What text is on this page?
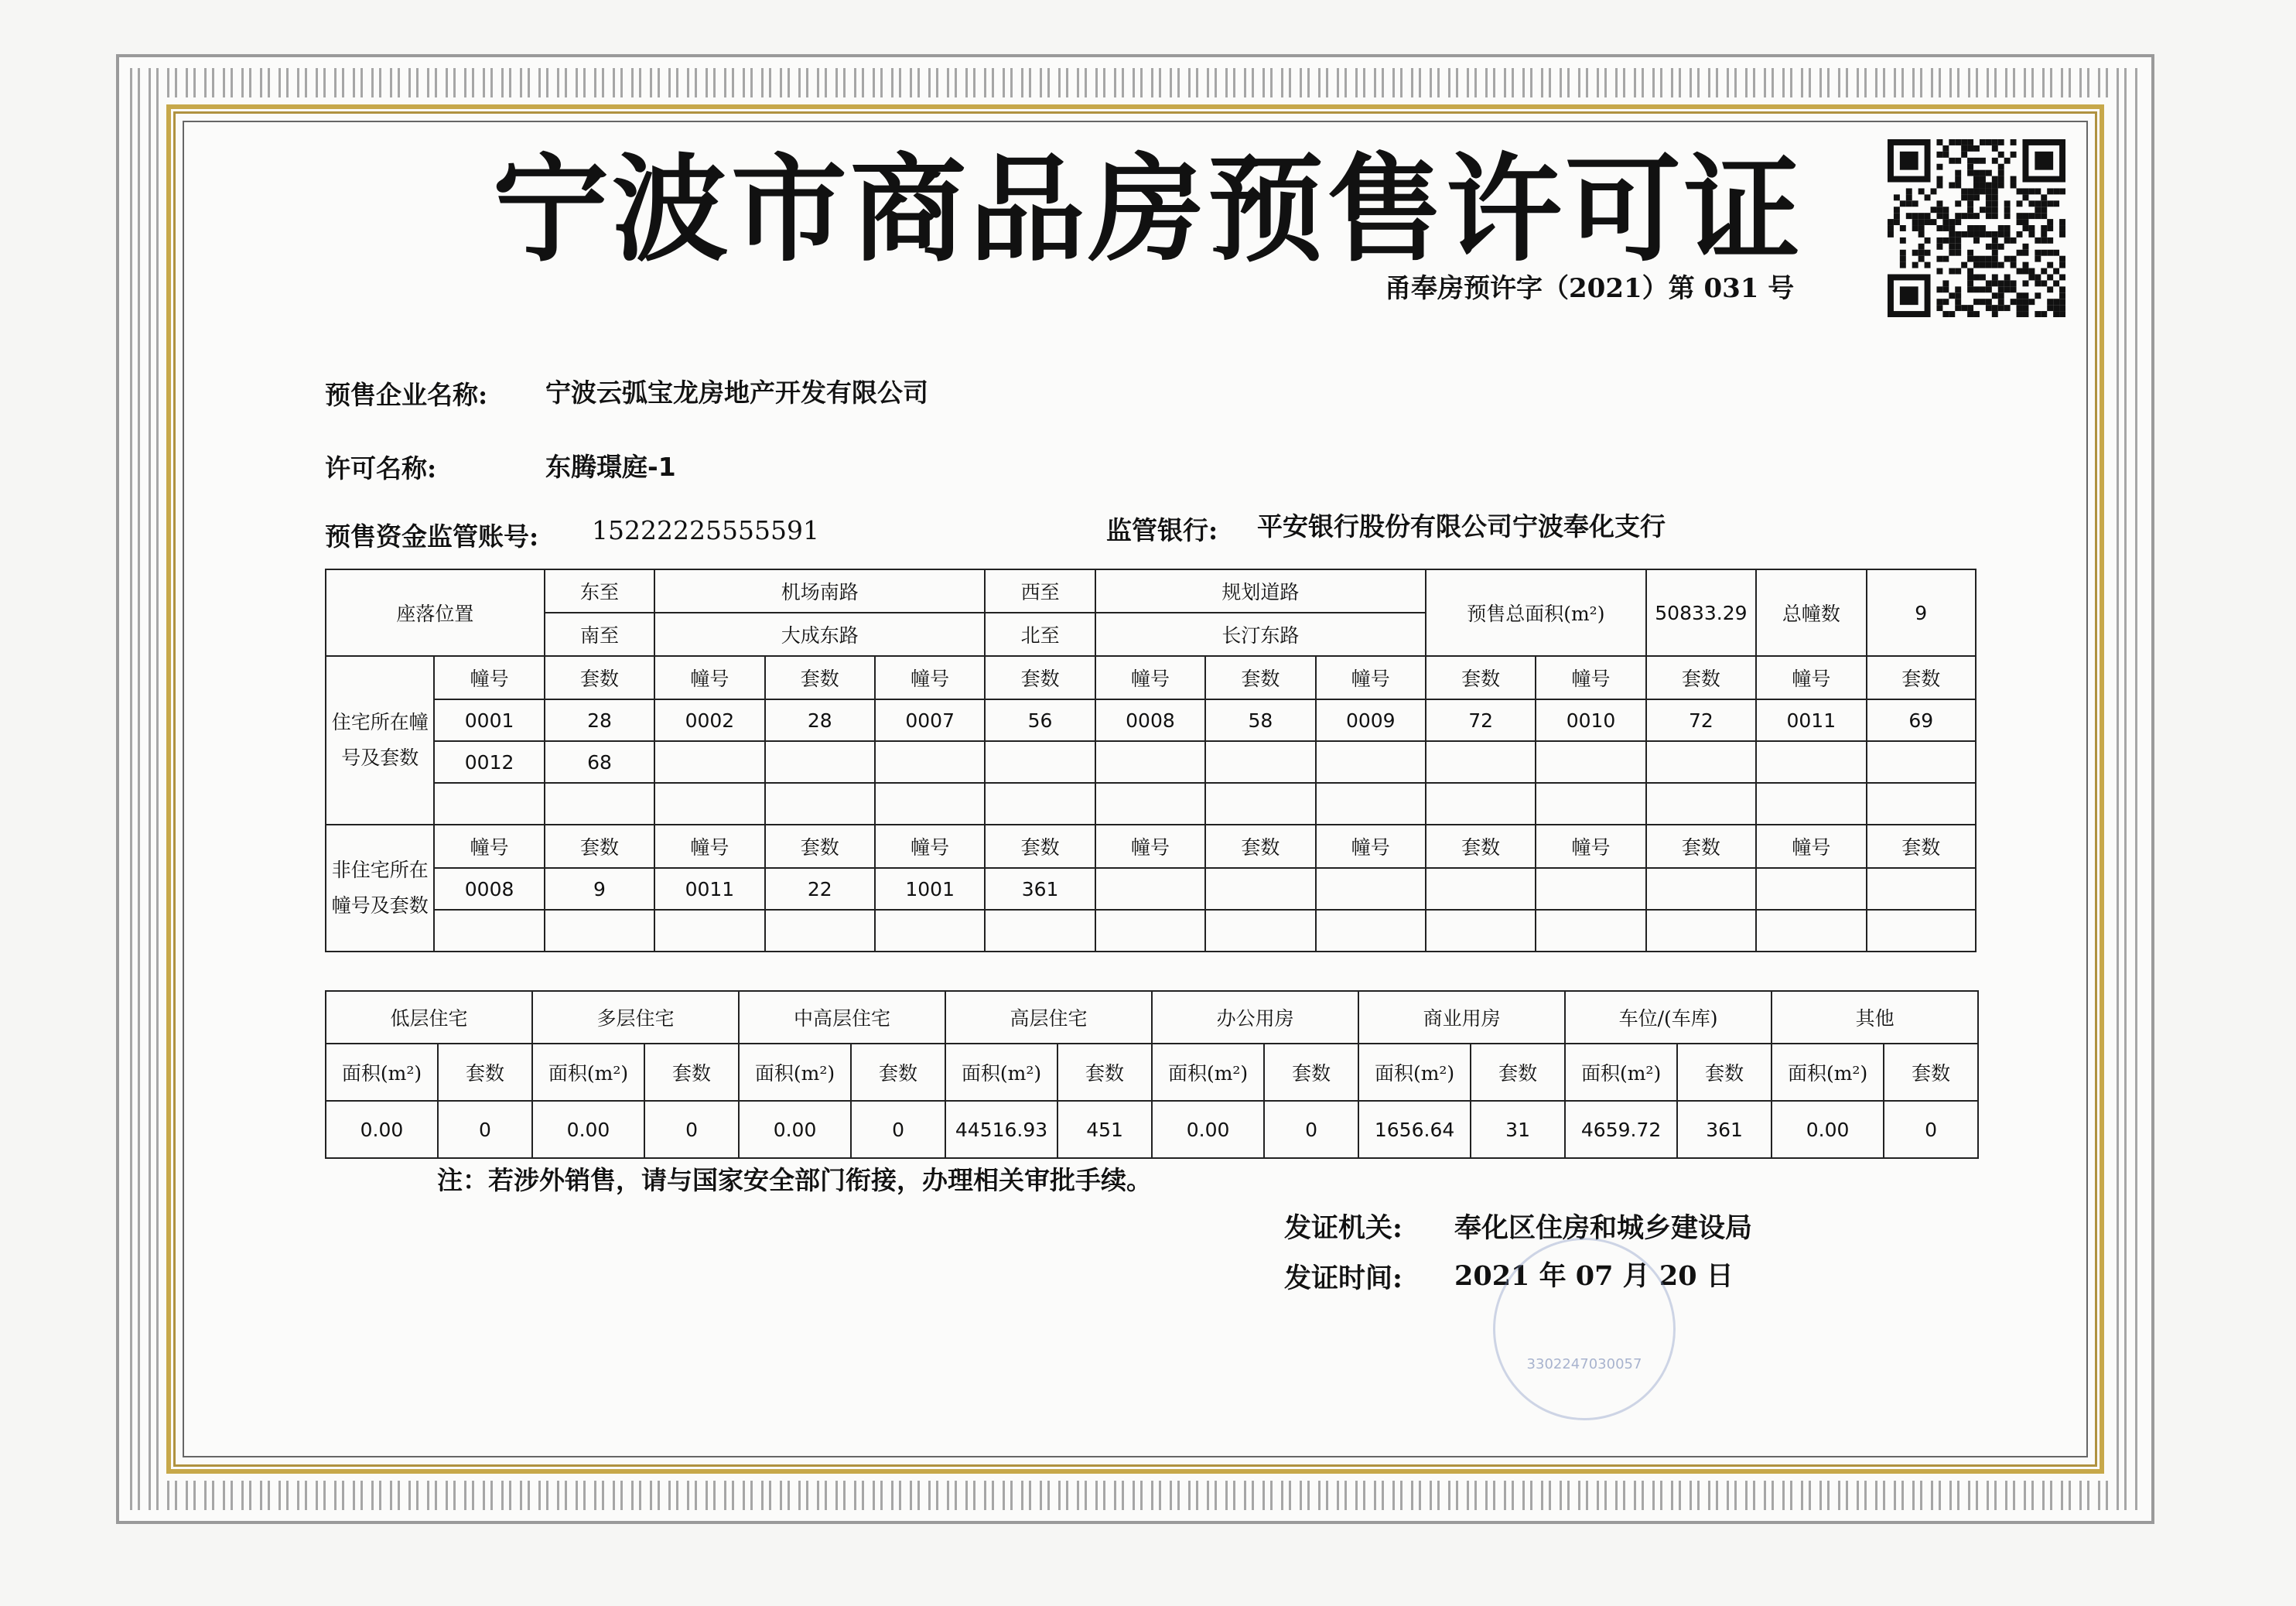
宁波市商品房预售许可证
甬奉房预许字（2021）第 031 号
预售企业名称: 宁波云弧宝龙房地产开发有限公司
许可名称:	东腾璟庭-1
预售资金监管账号: 15222225555591	监管银行: 平安银行股份有限公司宁波奉化支行
座落位置		东至	机场南路			西至	规划道路			预售总面积(m²)		50833.29	总幢数	9
		南至	大成东路			北至	长汀东路							
住宅所在幢号及套数	幢号	套数	幢号	套数	幢号	套数	幢号	套数	幢号	套数	幢号	套数	幢号	套数
	0001	28	0002	28	0007	56	0008	58	0009	72	0010	72	0011	69
	0012	68												

非住宅所在幢号及套数	幢号	套数	幢号	套数	幢号	套数	幢号	套数	幢号	套数	幢号	套数	幢号	套数
	0008	9	0011	22	1001	361								

低层住宅		多层住宅		中高层住宅		高层住宅		办公用房		商业用房		车位/(车库)		其他	
面积(m²)	套数	面积(m²)	套数	面积(m²)	套数	面积(m²)	套数	面积(m²)	套数	面积(m²)	套数	面积(m²)	套数	面积(m²)	套数
0.00	0	0.00	0	0.00	0	44516.93	451	0.00	0	1656.64	31	4659.72	361	0.00	0
注：若涉外销售，请与国家安全部门衔接，办理相关审批手续。
发证机关: 奉化区住房和城乡建设局
发证时间: 2021 年 07 月 20 日
3302247030057
